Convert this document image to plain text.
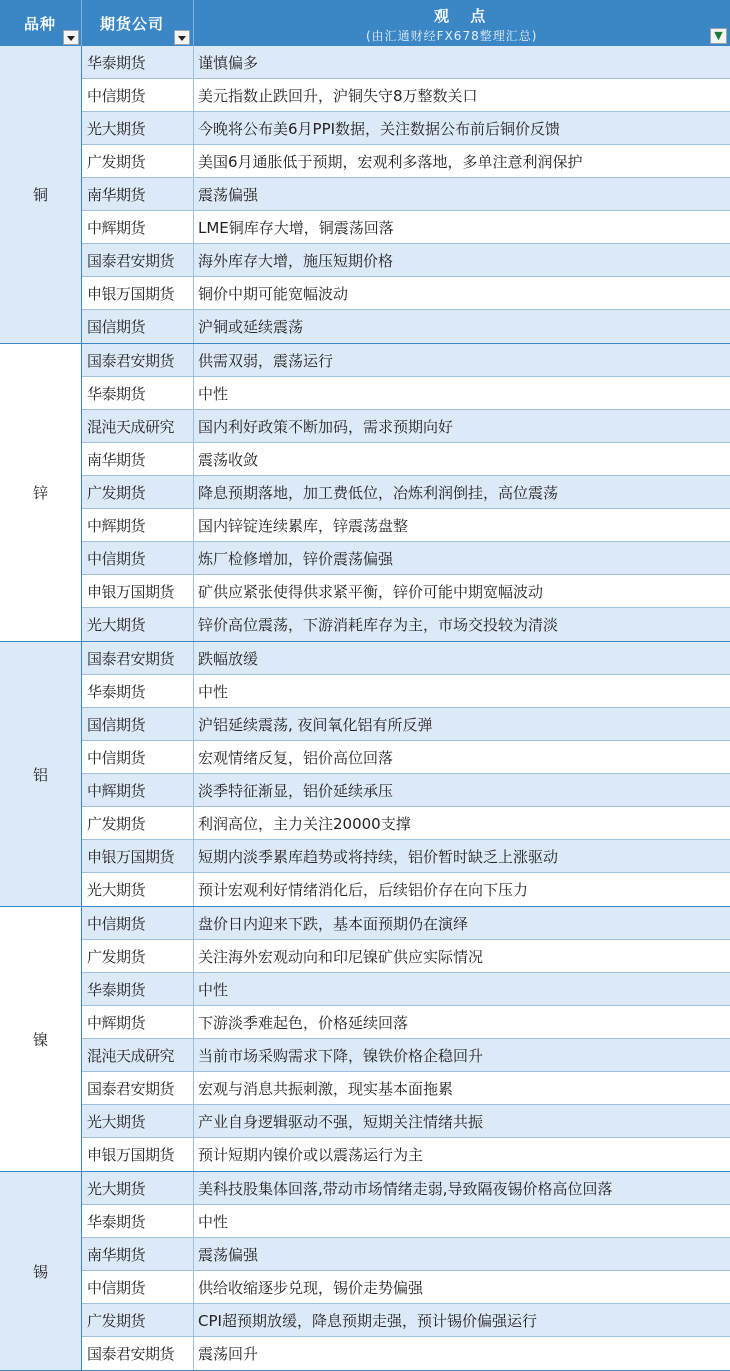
品种	期货公司	观 点
(由汇通财经FX678整理汇总)	▼
铜
华泰期货	谨慎偏多
中信期货	美元指数止跌回升，沪铜失守8万整数关口
光大期货	今晚将公布美6月PPI数据，关注数据公布前后铜价反馈
广发期货	美国6月通胀低于预期，宏观利多落地，多单注意利润保护
南华期货	震荡偏强
中辉期货	LME铜库存大增，铜震荡回落
国泰君安期货	海外库存大增，施压短期价格
申银万国期货	铜价中期可能宽幅波动
国信期货	沪铜或延续震荡
锌
国泰君安期货	供需双弱，震荡运行
华泰期货	中性
混沌天成研究	国内利好政策不断加码，需求预期向好
南华期货	震荡收敛
广发期货	降息预期落地，加工费低位，冶炼利润倒挂，高位震荡
中辉期货	国内锌锭连续累库，锌震荡盘整
中信期货	炼厂检修增加，锌价震荡偏强
申银万国期货	矿供应紧张使得供求紧平衡，锌价可能中期宽幅波动
光大期货	锌价高位震荡，下游消耗库存为主，市场交投较为清淡
铝
国泰君安期货	跌幅放缓
华泰期货	中性
国信期货	沪铝延续震荡, 夜间氧化铝有所反弹
中信期货	宏观情绪反复，铝价高位回落
中辉期货	淡季特征渐显，铝价延续承压
广发期货	利润高位，主力关注20000支撑
申银万国期货	短期内淡季累库趋势或将持续，铝价暂时缺乏上涨驱动
光大期货	预计宏观利好情绪消化后，后续铝价存在向下压力
镍
中信期货	盘价日内迎来下跌，基本面预期仍在演绎
广发期货	关注海外宏观动向和印尼镍矿供应实际情况
华泰期货	中性
中辉期货	下游淡季难起色，价格延续回落
混沌天成研究	当前市场采购需求下降，镍铁价格企稳回升
国泰君安期货	宏观与消息共振刺激，现实基本面拖累
光大期货	产业自身逻辑驱动不强，短期关注情绪共振
申银万国期货	预计短期内镍价或以震荡运行为主
锡
光大期货	美科技股集体回落,带动市场情绪走弱,导致隔夜锡价格高位回落
华泰期货	中性
南华期货	震荡偏强
中信期货	供给收缩逐步兑现，锡价走势偏强
广发期货	CPI超预期放缓，降息预期走强，预计锡价偏强运行
国泰君安期货	震荡回升
